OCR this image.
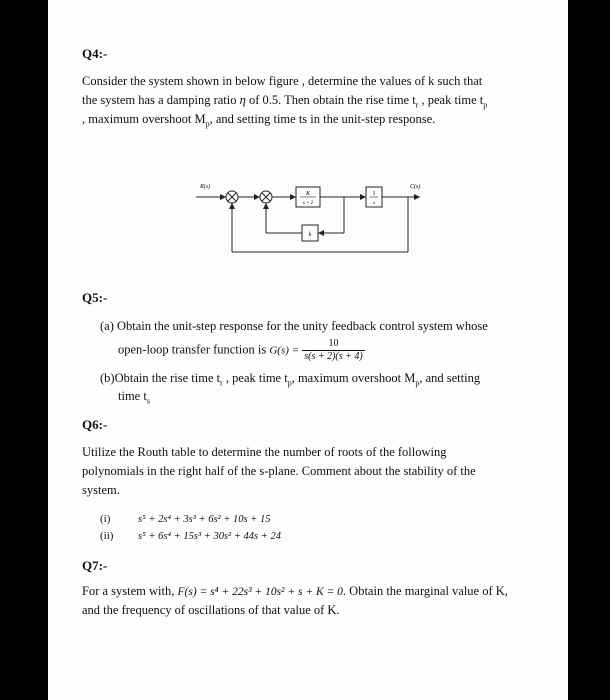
Q4:-
Consider the system shown in below figure , determine the values of k such that
the system has a damping ratio η of 0.5. Then obtain the rise time $t_r$ , peak time $t_p$
, maximum overshoot $M_p$, and setting time ts in the unit-step response.
R(s)	C(s)
K
s + 2
1
s
k
Q5:-
(a) Obtain the unit-step response for the unity feedback control system whose
open-loop transfer function is $G(s) = \frac{10}{s(s + 2)(s + 4)}$
(b)Obtain the rise time $t_r$ , peak time $t_p$, maximum overshoot $M_p$, and setting
time $t_s$
Q6:-
Utilize the Routh table to determine the number of roots of the following
polynomials in the right half of the s-plane. Comment about the stability of the
system.
(i)	s⁵ + 2s⁴ + 3s³ + 6s² + 10s + 15
(ii) s⁵ + 6s⁴ + 15s³ + 30s² + 44s + 24
Q7:-
For a system with, F(s) = s⁴ + 22s³ + 10s² + s + K = 0. Obtain the marginal value of K,
and the frequency of oscillations of that value of K.
